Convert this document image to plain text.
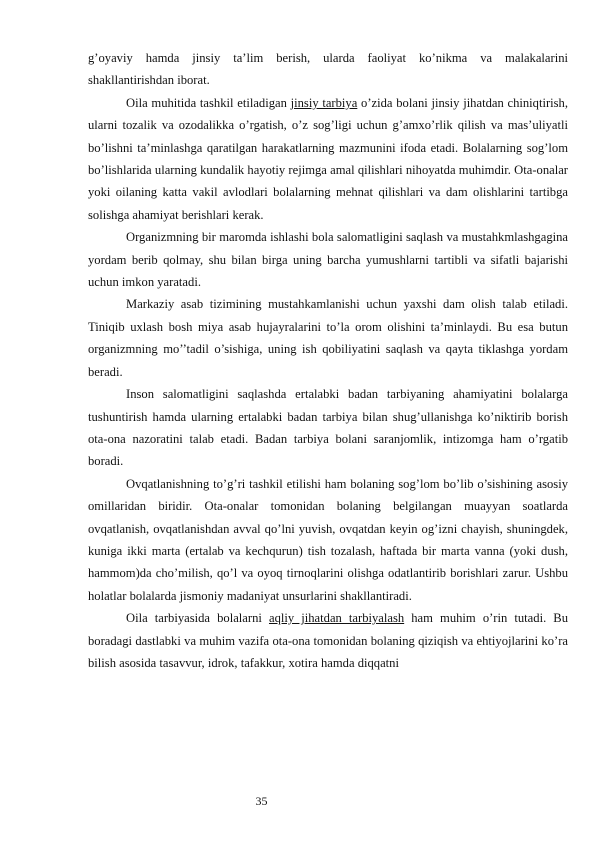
g’oyaviy hamda jinsiy ta’lim berish, ularda faoliyat ko’nikma va malakalarini shakllantirishdan iborat.

Oila muhitida tashkil etiladigan jinsiy tarbiya o’zida bolani jinsiy jihatdan chiniqtirish, ularni tozalik va ozodalikka o’rgatish, o’z sog’ligi uchun g’amxo’rlik qilish va mas’uliyatli bo’lishni ta’minlashga qaratilgan harakatlarning mazmunini ifoda etadi. Bolalarning sog’lom bo’lishlarida ularning kundalik hayotiy rejimga amal qilishlari nihoyatda muhimdir. Ota-onalar yoki oilaning katta vakil avlodlari bolalarning mehnat qilishlari va dam olishlarini tartibga solishga ahamiyat berishlari kerak.

Organizmning bir maromda ishlashi bola salomatligini saqlash va mustahkmlashgagina yordam berib qolmay, shu bilan birga uning barcha yumushlarni tartibli va sifatli bajarishi uchun imkon yaratadi.

Markaziy asab tizimining mustahkamlanishi uchun yaxshi dam olish talab etiladi. Tiniqib uxlash bosh miya asab hujayralarini to’la orom olishini ta’minlaydi. Bu esa butun organizmning mo’’tadil o’sishiga, uning ish qobiliyatini saqlash va qayta tiklashga yordam beradi.

Inson salomatligini saqlashda ertalabki badan tarbiyaning ahamiyatini bolalarga tushuntirish hamda ularning ertalabki badan tarbiya bilan shug’ullanishga ko’niktirib borish ota-ona nazoratini talab etadi. Badan tarbiya bolani saranjomlik, intizomga ham o’rgatib boradi.

Ovqatlanishning to’g’ri tashkil etilishi ham bolaning sog’lom bo’lib o’sishining asosiy omillaridan biridir. Ota-onalar tomonidan bolaning belgilangan muayyan soatlarda ovqatlanish, ovqatlanishdan avval qo’lni yuvish, ovqatdan keyin og’izni chayish, shuningdek, kuniga ikki marta (ertalab va kechqurun) tish tozalash, haftada bir marta vanna (yoki dush, hammom)da cho’milish, qo’l va oyoq tirnoqlarini olishga odatlantirib borishlari zarur. Ushbu holatlar bolalarda jismoniy madaniyat unsurlarini shakllantiradi.

Oila tarbiyasida bolalarni aqliy jihatdan tarbiyalash ham muhim o’rin tutadi. Bu boradagi dastlabki va muhim vazifa ota-ona tomonidan bolaning qiziqish va ehtiyojlarini ko’ra bilish asosida tasavvur, idrok, tafakkur, xotira hamda diqqatni

35
